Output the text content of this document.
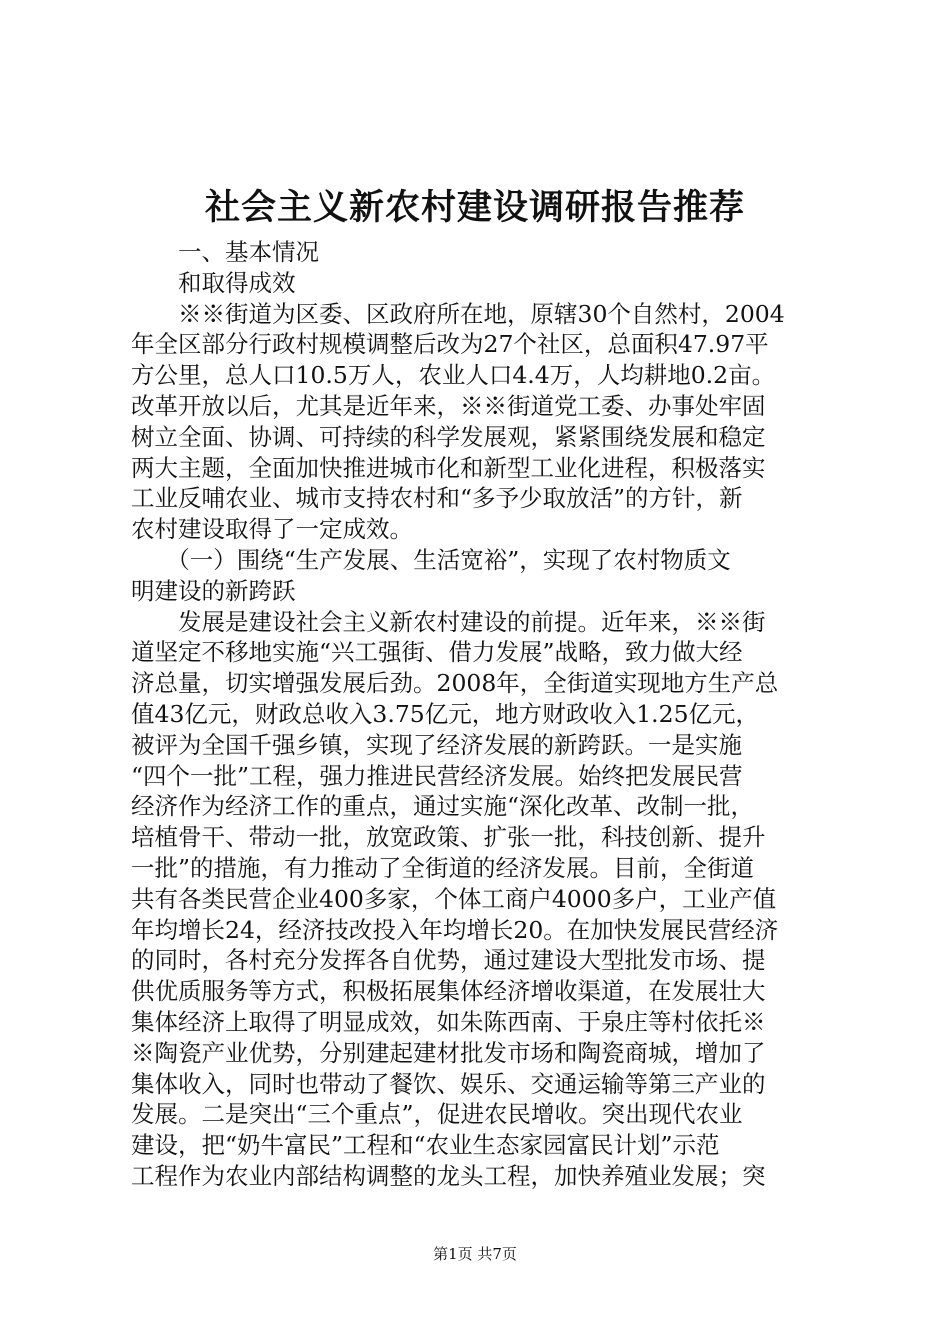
社会主义新农村建设调研报告推荐
　　一、基本情况
　　和取得成效
　　※※街道为区委、区政府所在地，原辖30个自然村，2004
年全区部分行政村规模调整后改为27个社区，总面积47.97平
方公里，总人口10.5万人，农业人口4.4万，人均耕地0.2亩。
改革开放以后，尤其是近年来，※※街道党工委、办事处牢固
树立全面、协调、可持续的科学发展观，紧紧围绕发展和稳定
两大主题，全面加快推进城市化和新型工业化进程，积极落实
工业反哺农业、城市支持农村和“多予少取放活”的方针，新
农村建设取得了一定成效。
　　（一）围绕“生产发展、生活宽裕”，实现了农村物质文
明建设的新跨跃
　　发展是建设社会主义新农村建设的前提。近年来，※※街
道坚定不移地实施“兴工强街、借力发展”战略，致力做大经
济总量，切实增强发展后劲。2008年，全街道实现地方生产总
值43亿元，财政总收入3.75亿元，地方财政收入1.25亿元，
被评为全国千强乡镇，实现了经济发展的新跨跃。一是实施
“四个一批”工程，强力推进民营经济发展。始终把发展民营
经济作为经济工作的重点，通过实施“深化改革、改制一批，
培植骨干、带动一批，放宽政策、扩张一批，科技创新、提升
一批”的措施，有力推动了全街道的经济发展。目前，全街道
共有各类民营企业400多家，个体工商户4000多户，工业产值
年均增长24，经济技改投入年均增长20。在加快发展民营经济
的同时，各村充分发挥各自优势，通过建设大型批发市场、提
供优质服务等方式，积极拓展集体经济增收渠道，在发展壮大
集体经济上取得了明显成效，如朱陈西南、于泉庄等村依托※
※陶瓷产业优势，分别建起建材批发市场和陶瓷商城，增加了
集体收入，同时也带动了餐饮、娱乐、交通运输等第三产业的
发展。二是突出“三个重点”，促进农民增收。突出现代农业
建设，把“奶牛富民”工程和“农业生态家园富民计划”示范
工程作为农业内部结构调整的龙头工程，加快养殖业发展；突
第1页 共7页
